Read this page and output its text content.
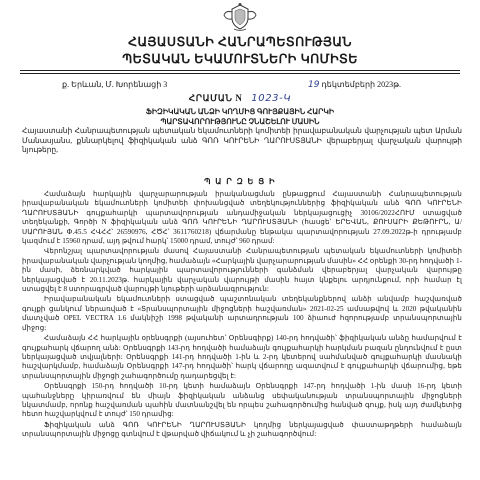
ՀԱՅԱՍՏԱՆԻ ՀԱՆՐԱՊԵՏՈՒԹՅԱՆ
ՊԵՏԱԿԱՆ ԵԿԱՄՈՒՏՆԵՐԻ ԿՈՄԻՏԵ
ք. Երևան, Մ. Խորենացի 3	19 դեկտեմբերի 2023թ.
ՀՐԱՄԱՆ N 1023-Կ
ՖԻԶԻԿԱԿԱՆ ԱՆՁԻ ԿՈՂՄԻՑ ԳՈՒՅՔԱՅԻՆ ՀԱՐԿԻ
ՊԱՐՏԱՎՈՐՈՒԹՅՈՒՆԸ ՉՆԱՇԵԼՈՒ ՄԱՍԻՆ
Հայաստանի Հանրապետության պետական եկամուտների կոմիտեի իրավաբանական վարչության պետ Արման Մանասյանս, քննարկելով ֆիզիկական անձ ԳՈՌ ԿՈՒՐԵՆԻ ՂԱՐՈՒՍՏՅԱՆԻ վերաբերյալ վարչական վարույթի նյութերը,
Պ Ա Ր Զ Ե Ց Ի

Համաձայն հարկային վարչարարության իրականացման ընթացքում Հայաստանի Հանրապետության իրավաբանական եկամուտների կոմիտեի փոխանցված տեղեկություններից ֆիզիկական անձ ԳՈՌ ԿՈՒՐԵՆԻ ՂԱՐՈՒՍՏՅԱՆԻ գույքահարկի պարտավորության անդամիջական ներկայացուցիչ 30106/2022ՀՈՒՄ ստացված տեղեկանքի, Գործի N ֆիզիկական անձ ԳՈՌ ԿՈՒՐԵՆԻ ՂԱՐՈՒՍՏՅԱՆԻ (հասցե՝ ԵՐԵՎԱՆ, ՔՈՒՍԱՐԻ ՔԵԹՈՒՐՆ, Ա/ ՍԱՐՈՒՅԱՆ Փ.45.5 ՀՎՀՀ՝ 26590976, ՀԾՀ՝ 3611760218) վճարմանը ենթակա պարտավորության 27.09.2022թ-ի դրությամբ կազմում է 15960 դրամ, այդ թվում հարկ՝ 15000 դրամ, տույժ՝ 960 դրամ:

Վերոնշյալ պարտավորության մասով Հայաստանի Հանրապետության պետական եկամուտների կոմիտեի իրավաբանական վարչության կողմից, համաձայն «Հարկային վարչարարության մասին» ՀՀ օրենքի 30-րդ հոդվածի 1-ին մասի, ձեռնարկված հարկային պարտավորությունների գանձման վերաբերյալ վարչական վարույթը ներկայացված է 20.11.2023թ. հարկային վարչական վարույթի մասին հայտ կնքելու արդյունքում, որի համար էլ ստացվել է 8 ստորագրված վարույթի նյութերի արձանագրություն:

Իրավաբանական եկամուտների ստացված պաշտոնական տեղեկանքներով անձի անվամբ հաշվառված գույքի ցանկում ներառված է «Տրանսպորտային միջոցների հաշվառման» 2021-02-25 ամսաթվով և 2020 թվականին մատչված OPEL VECTRA 1.6 մակնիշի 1998 թվականի արտադրության 100 ձիաուժ հզորությամբ տրանսպորտային միջոց:

Համաձայն ՀՀ հարկային օրենսգրքի (այսուհետ՝ Օրենսգիրք) 140-րդ հոդվածի՝ ֆիզիկական անձը համարվում է գույքահարկ վճարող անձ: Օրենսգրքի 143-րդ հոդվածի համաձայն գույքահարկի հարկման բազան ընդունվում է ըստ ներկայացված տվյալների: Օրենսգրքի 141-րդ հոդվածի 1-ին և 2-րդ կետերով սահմանված գույքահարկի մասնակի հաշվարկմամբ, համաձայն Օրենսգրքի 147-րդ հոդվածի՝ հարկ վճարողը ազատվում է գույքահարկի վճարումից, եթե տրանսպորտային միջոցի շահագործումը դադարեցվել է:

Օրենսգրքի 150-րդ հոդվածի 10-րդ կետի համաձայն Օրենսգրքի 147-րդ հոդվածի 1-ին մասի 16-րդ կետի պահանջները կիրառվում են միայն ֆիզիկական անձանց սեփականության տրանսպորտային միջոցների նկատմամբ, որոնք հաշվառման պահին մատնանշվել են որպես շահագործումից հանված գույք, իսկ այդ ժամկետից հետո հաշվարկվում է տույժ՝ 150 դրամից:

Ֆիզիկական անձ ԳՈՌ ԿՈՒՐԵՆԻ ՂԱՐՈՒՍՏՅԱՆԻ կողմից ներկայացված փաստաթղթերի համաձայն տրանսպորտային միջոցը գտնվում է վթարված վիճակում և չի շահագործվում:
